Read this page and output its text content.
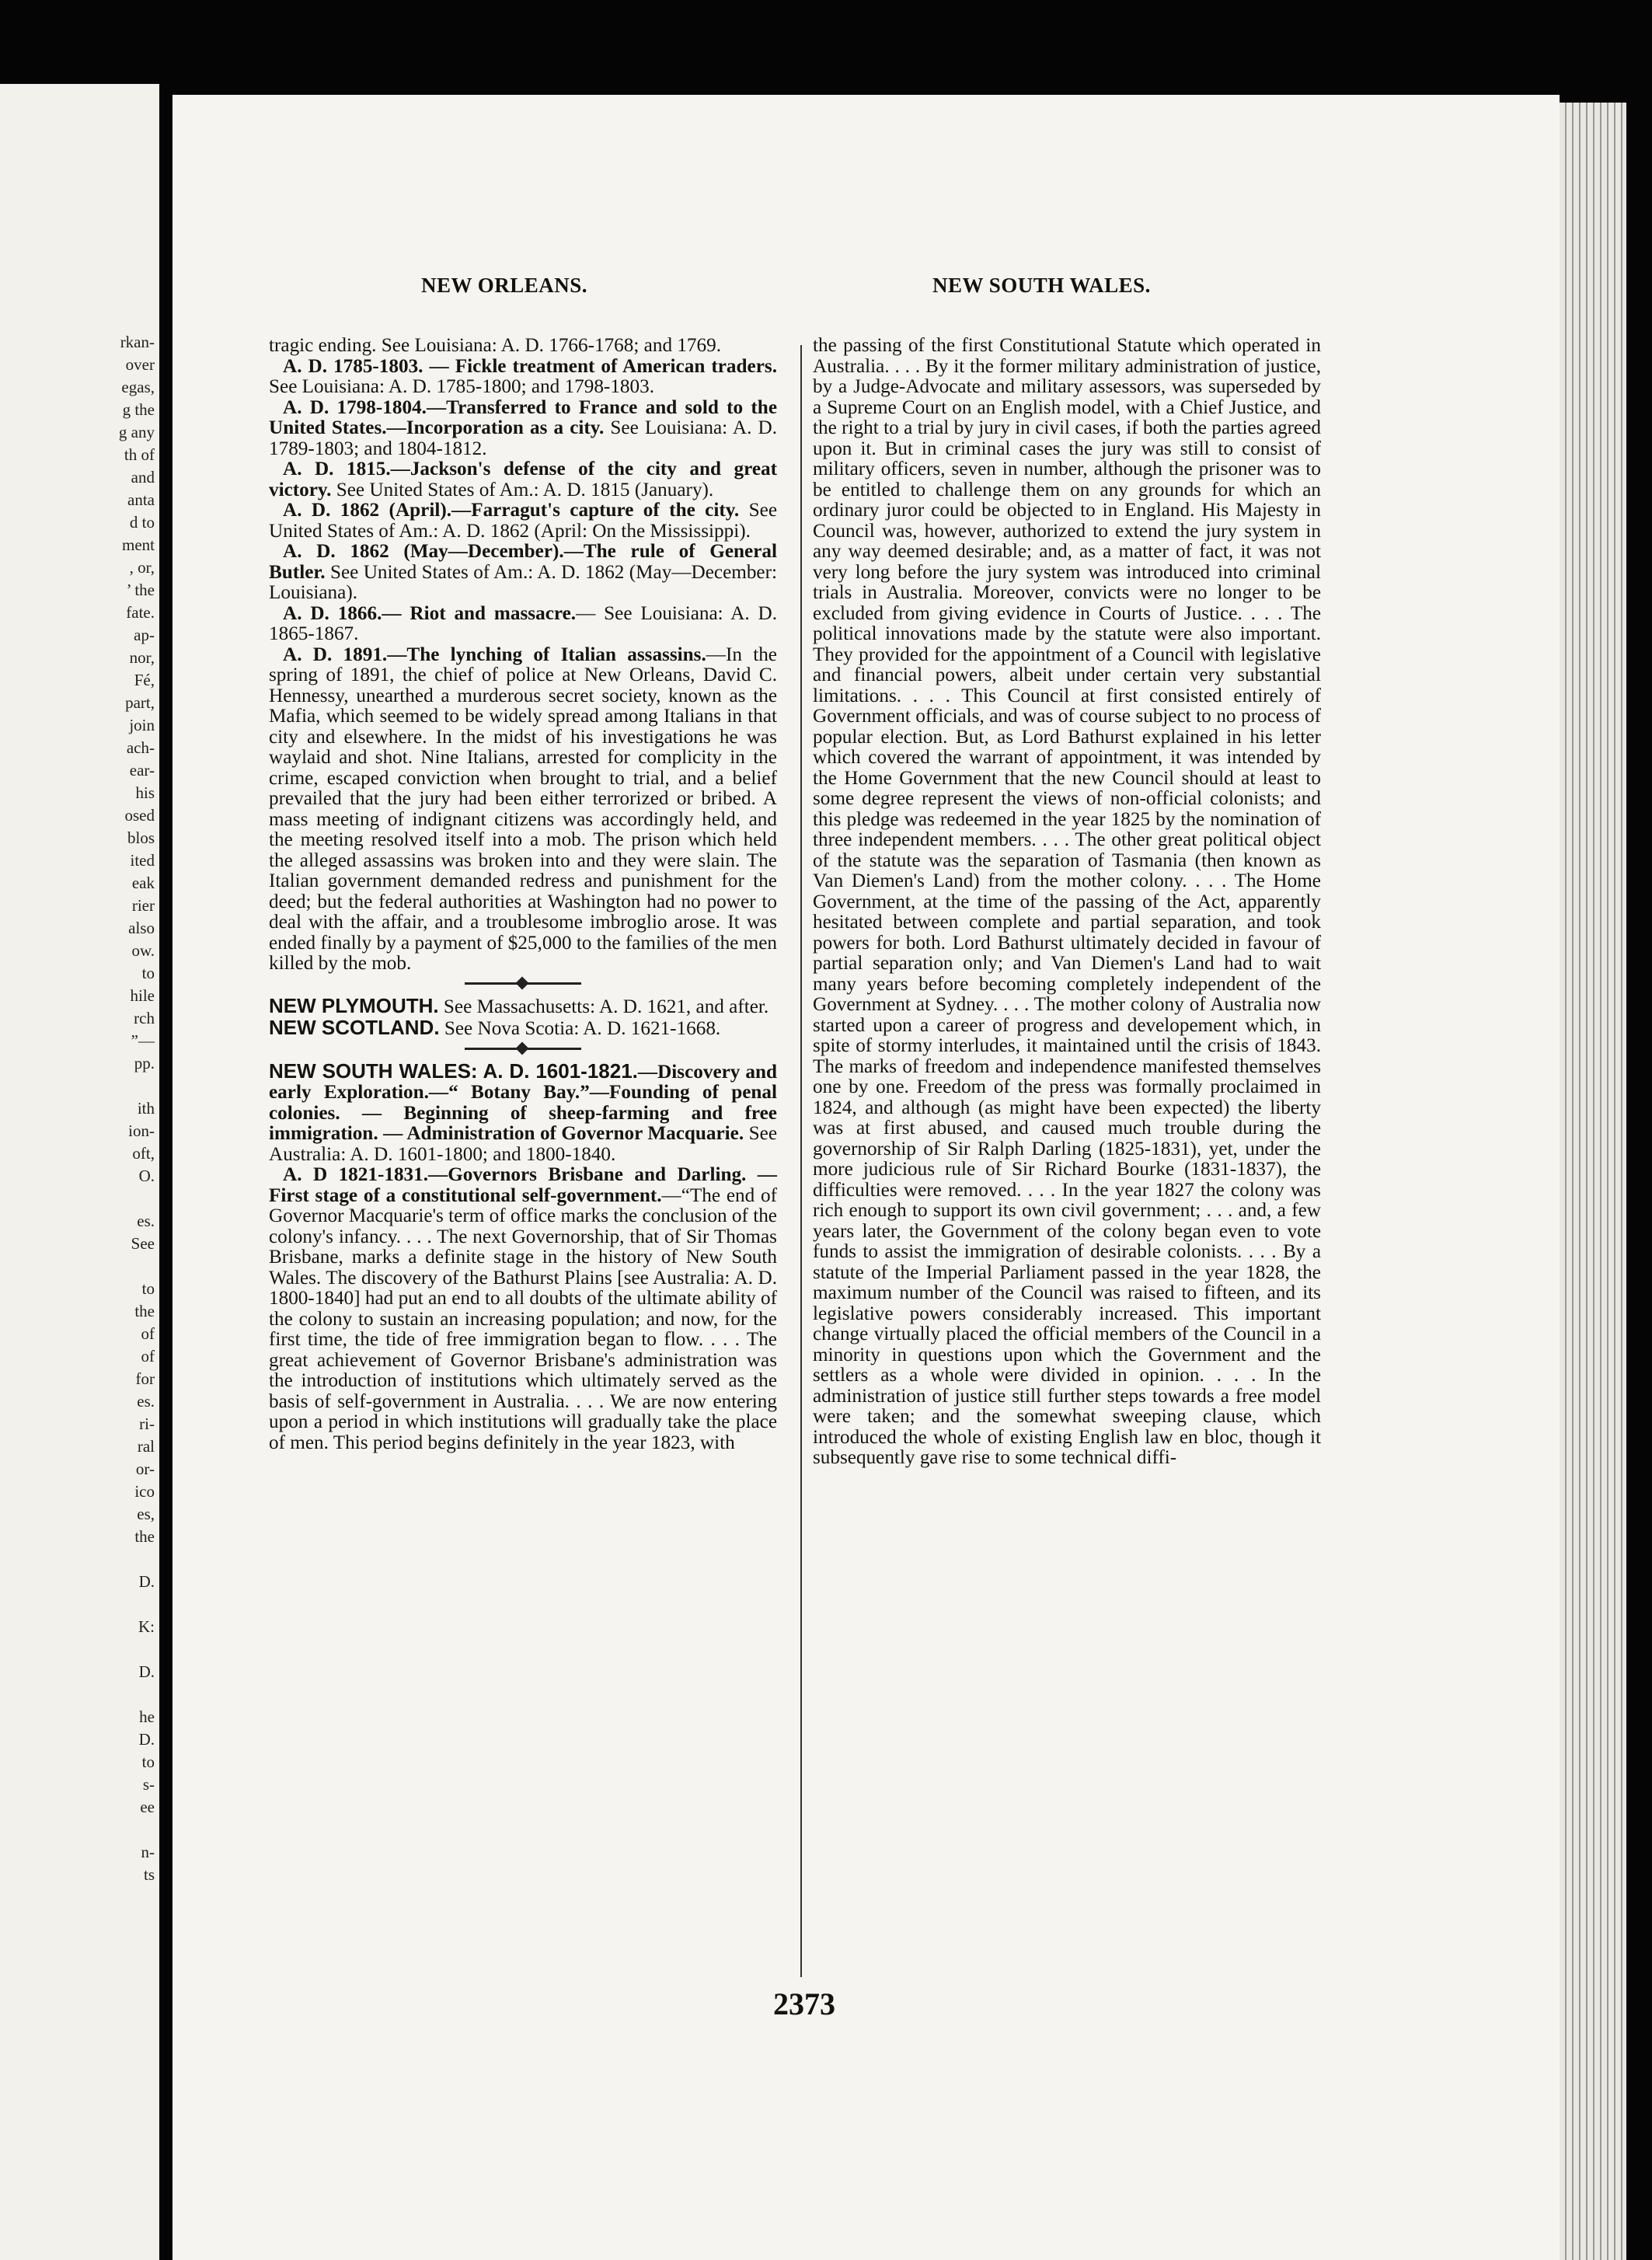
rkan-
over
egas,
g the
g any
th of
and
anta
d to
ment
, or,
’ the
fate.
ap-
nor,
Fé,
part,
join
ach-
ear-
his
osed
blos
ited
eak
rier
also
ow.
to
hile
rch
”—
pp.

ith
ion-
oft,
O.

es.
See

to
the
of
of
for
es.
ri-
ral
or-
ico
es,
the

D.

K:

D.

he
D.
to
s-
ee

n-
ts
NEW ORLEANS.	NEW SOUTH WALES.

tragic ending. See Louisiana: A. D. 1766-1768; and 1769.

A. D. 1785-1803. — Fickle treatment of American traders. See Louisiana: A. D. 1785-1800; and 1798-1803.

A. D. 1798-1804.—Transferred to France and sold to the United States.—Incorporation as a city. See Louisiana: A. D. 1789-1803; and 1804-1812.

A. D. 1815.—Jackson's defense of the city and great victory. See United States of Am.: A. D. 1815 (January).

A. D. 1862 (April).—Farragut's capture of the city. See United States of Am.: A. D. 1862 (April: On the Mississippi).

A. D. 1862 (May—December).—The rule of General Butler. See United States of Am.: A. D. 1862 (May—December: Louisiana).

A. D. 1866.— Riot and massacre.— See Louisiana: A. D. 1865-1867.

A. D. 1891.—The lynching of Italian assassins.—In the spring of 1891, the chief of police at New Orleans, David C. Hennessy, unearthed a murderous secret society, known as the Mafia, which seemed to be widely spread among Italians in that city and elsewhere. In the midst of his investigations he was waylaid and shot. Nine Italians, arrested for complicity in the crime, escaped conviction when brought to trial, and a belief prevailed that the jury had been either terrorized or bribed. A mass meeting of indignant citizens was accordingly held, and the meeting resolved itself into a mob. The prison which held the alleged assassins was broken into and they were slain. The Italian government demanded redress and punishment for the deed; but the federal authorities at Washington had no power to deal with the affair, and a troublesome imbroglio arose. It was ended finally by a payment of $25,000 to the families of the men killed by the mob.

NEW PLYMOUTH. See Massachusetts: A. D. 1621, and after.

NEW SCOTLAND. See Nova Scotia: A. D. 1621-1668.

NEW SOUTH WALES: A. D. 1601-1821.—Discovery and early Exploration.—“ Botany Bay.”—Founding of penal colonies. — Beginning of sheep-farming and free immigration. — Administration of Governor Macquarie. See Australia: A. D. 1601-1800; and 1800-1840.

A. D 1821-1831.—Governors Brisbane and Darling. — First stage of a constitutional self-government.—“The end of Governor Macquarie's term of office marks the conclusion of the colony's infancy. . . . The next Governorship, that of Sir Thomas Brisbane, marks a definite stage in the history of New South Wales. The discovery of the Bathurst Plains [see Australia: A. D. 1800-1840] had put an end to all doubts of the ultimate ability of the colony to sustain an increasing population; and now, for the first time, the tide of free immigration began to flow. . . . The great achievement of Governor Brisbane's administration was the introduction of institutions which ultimately served as the basis of self-government in Australia. . . . We are now entering upon a period in which institutions will gradually take the place of men. This period begins definitely in the year 1823, with

the passing of the first Constitutional Statute which operated in Australia. . . . By it the former military administration of justice, by a Judge-Advocate and military assessors, was superseded by a Supreme Court on an English model, with a Chief Justice, and the right to a trial by jury in civil cases, if both the parties agreed upon it. But in criminal cases the jury was still to consist of military officers, seven in number, although the prisoner was to be entitled to challenge them on any grounds for which an ordinary juror could be objected to in England. His Majesty in Council was, however, authorized to extend the jury system in any way deemed desirable; and, as a matter of fact, it was not very long before the jury system was introduced into criminal trials in Australia. Moreover, convicts were no longer to be excluded from giving evidence in Courts of Justice. . . . The political innovations made by the statute were also important. They provided for the appointment of a Council with legislative and financial powers, albeit under certain very substantial limitations. . . . This Council at first consisted entirely of Government officials, and was of course subject to no process of popular election. But, as Lord Bathurst explained in his letter which covered the warrant of appointment, it was intended by the Home Government that the new Council should at least to some degree represent the views of non-official colonists; and this pledge was redeemed in the year 1825 by the nomination of three independent members. . . . The other great political object of the statute was the separation of Tasmania (then known as Van Diemen's Land) from the mother colony. . . . The Home Government, at the time of the passing of the Act, apparently hesitated between complete and partial separation, and took powers for both. Lord Bathurst ultimately decided in favour of partial separation only; and Van Diemen's Land had to wait many years before becoming completely independent of the Government at Sydney. . . . The mother colony of Australia now started upon a career of progress and developement which, in spite of stormy interludes, it maintained until the crisis of 1843. The marks of freedom and independence manifested themselves one by one. Freedom of the press was formally proclaimed in 1824, and although (as might have been expected) the liberty was at first abused, and caused much trouble during the governorship of Sir Ralph Darling (1825-1831), yet, under the more judicious rule of Sir Richard Bourke (1831-1837), the difficulties were removed. . . . In the year 1827 the colony was rich enough to support its own civil government; . . . and, a few years later, the Government of the colony began even to vote funds to assist the immigration of desirable colonists. . . . By a statute of the Imperial Parliament passed in the year 1828, the maximum number of the Council was raised to fifteen, and its legislative powers considerably increased. This important change virtually placed the official members of the Council in a minority in questions upon which the Government and the settlers as a whole were divided in opinion. . . . In the administration of justice still further steps towards a free model were taken; and the somewhat sweeping clause, which introduced the whole of existing English law en bloc, though it subsequently gave rise to some technical diffi-

2373
